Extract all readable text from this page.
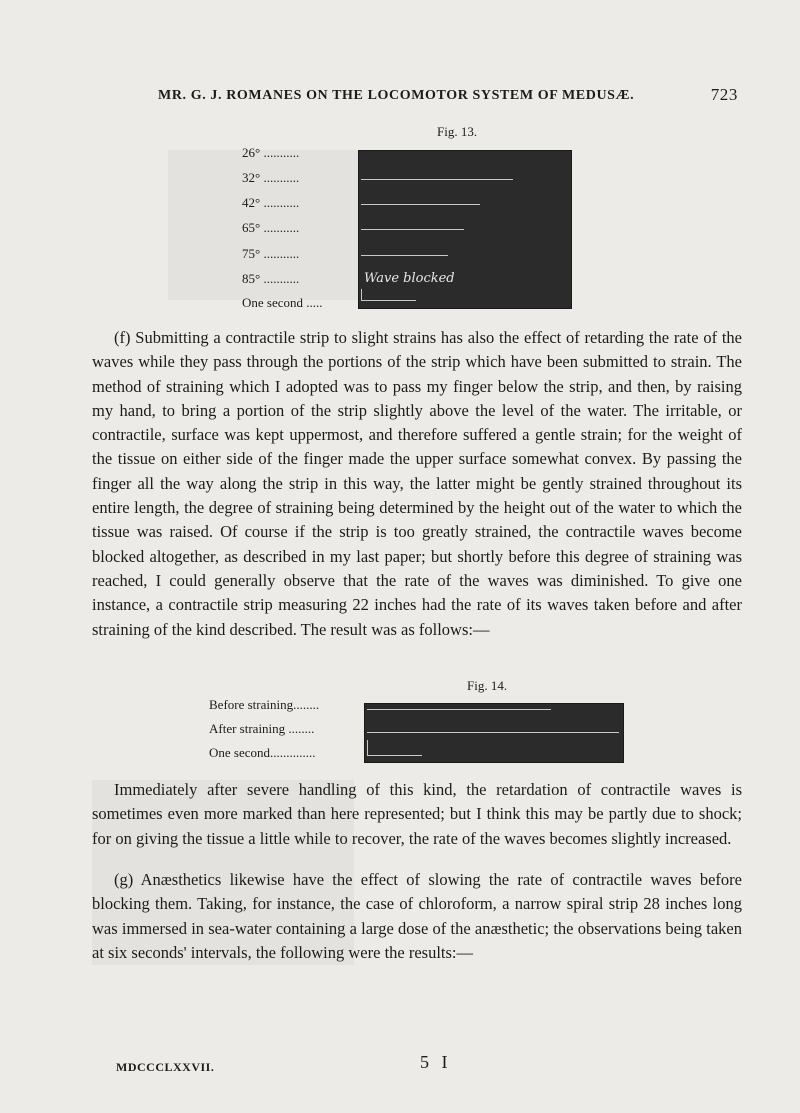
MR. G. J. ROMANES ON THE LOCOMOTOR SYSTEM OF MEDUSÆ.	723
Fig. 13.
26° ...........
32° ...........
42° ...........
65° ...........
75° ...........
85° ...........
One second .....
Wave blocked

(f) Submitting a contractile strip to slight strains has also the effect of retarding the rate of the waves while they pass through the portions of the strip which have been submitted to strain. The method of straining which I adopted was to pass my finger below the strip, and then, by raising my hand, to bring a portion of the strip slightly above the level of the water. The irritable, or contractile, surface was kept uppermost, and therefore suffered a gentle strain; for the weight of the tissue on either side of the finger made the upper surface somewhat convex. By passing the finger all the way along the strip in this way, the latter might be gently strained throughout its entire length, the degree of straining being determined by the height out of the water to which the tissue was raised. Of course if the strip is too greatly strained, the contractile waves become blocked altogether, as described in my last paper; but shortly before this degree of straining was reached, I could generally observe that the rate of the waves was diminished. To give one instance, a contractile strip measuring 22 inches had the rate of its waves taken before and after straining of the kind described. The result was as follows:—

Fig. 14.
Before straining........
After straining ........
One second..............

Immediately after severe handling of this kind, the retardation of contractile waves is sometimes even more marked than here represented; but I think this may be partly due to shock; for on giving the tissue a little while to recover, the rate of the waves becomes slightly increased.

(g) Anæsthetics likewise have the effect of slowing the rate of contractile waves before blocking them. Taking, for instance, the case of chloroform, a narrow spiral strip 28 inches long was immersed in sea-water containing a large dose of the anæsthetic; the observations being taken at six seconds' intervals, the following were the results:—

MDCCCLXXVII.	5 I
